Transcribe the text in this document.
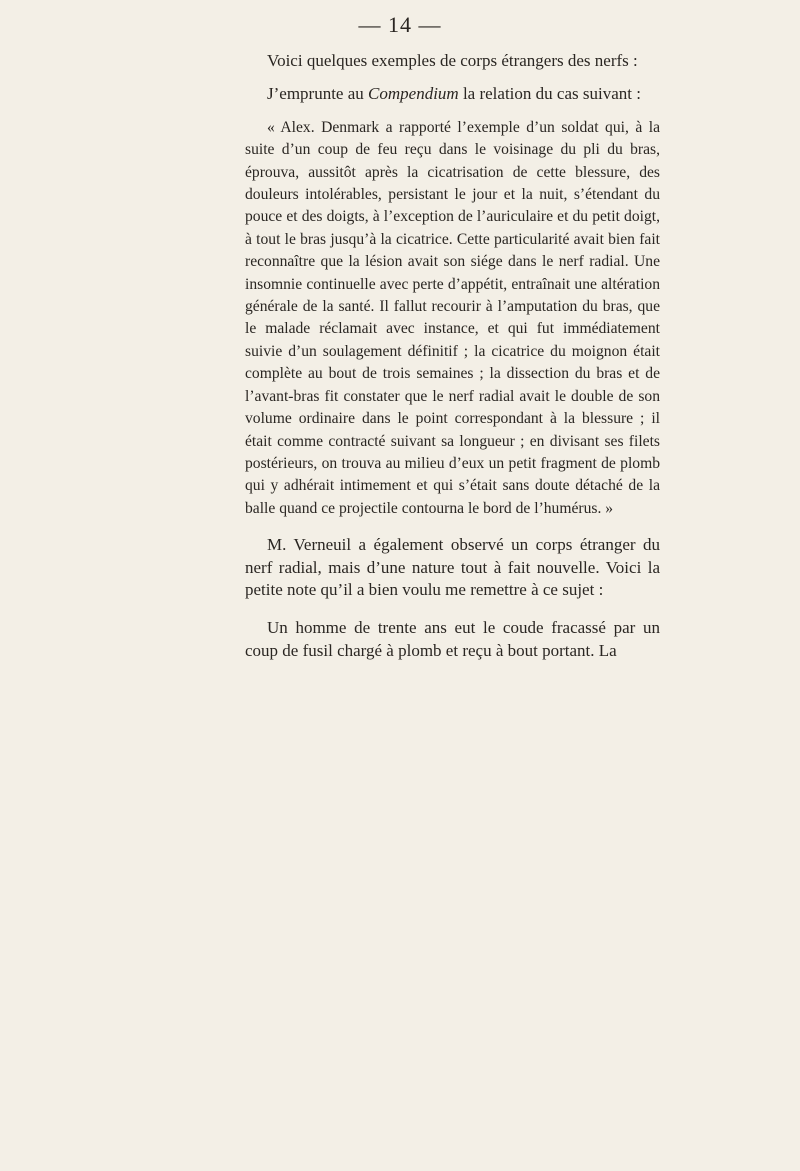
— 14 —

Voici quelques exemples de corps étrangers des nerfs :

J’emprunte au Compendium la relation du cas suivant :

« Alex. Denmark a rapporté l’exemple d’un soldat qui, à la suite d’un coup de feu reçu dans le voisinage du pli du bras, éprouva, aussitôt après la cicatrisation de cette blessure, des douleurs intolérables, persistant le jour et la nuit, s’étendant du pouce et des doigts, à l’exception de l’auriculaire et du petit doigt, à tout le bras jusqu’à la cicatrice. Cette particularité avait bien fait reconnaître que la lésion avait son siége dans le nerf radial. Une insomnie continuelle avec perte d’appétit, entraînait une altération générale de la santé. Il fallut recourir à l’amputation du bras, que le malade réclamait avec instance, et qui fut immédiatement suivie d’un soulagement définitif ; la cicatrice du moignon était complète au bout de trois semaines ; la dissection du bras et de l’avant-bras fit constater que le nerf radial avait le double de son volume ordinaire dans le point correspondant à la blessure ; il était comme contracté suivant sa longueur ; en divisant ses filets postérieurs, on trouva au milieu d’eux un petit fragment de plomb qui y adhérait intimement et qui s’était sans doute détaché de la balle quand ce projectile contourna le bord de l’humérus. »

M. Verneuil a également observé un corps étranger du nerf radial, mais d’une nature tout à fait nouvelle. Voici la petite note qu’il a bien voulu me remettre à ce sujet :

Un homme de trente ans eut le coude fracassé par un coup de fusil chargé à plomb et reçu à bout portant. La
